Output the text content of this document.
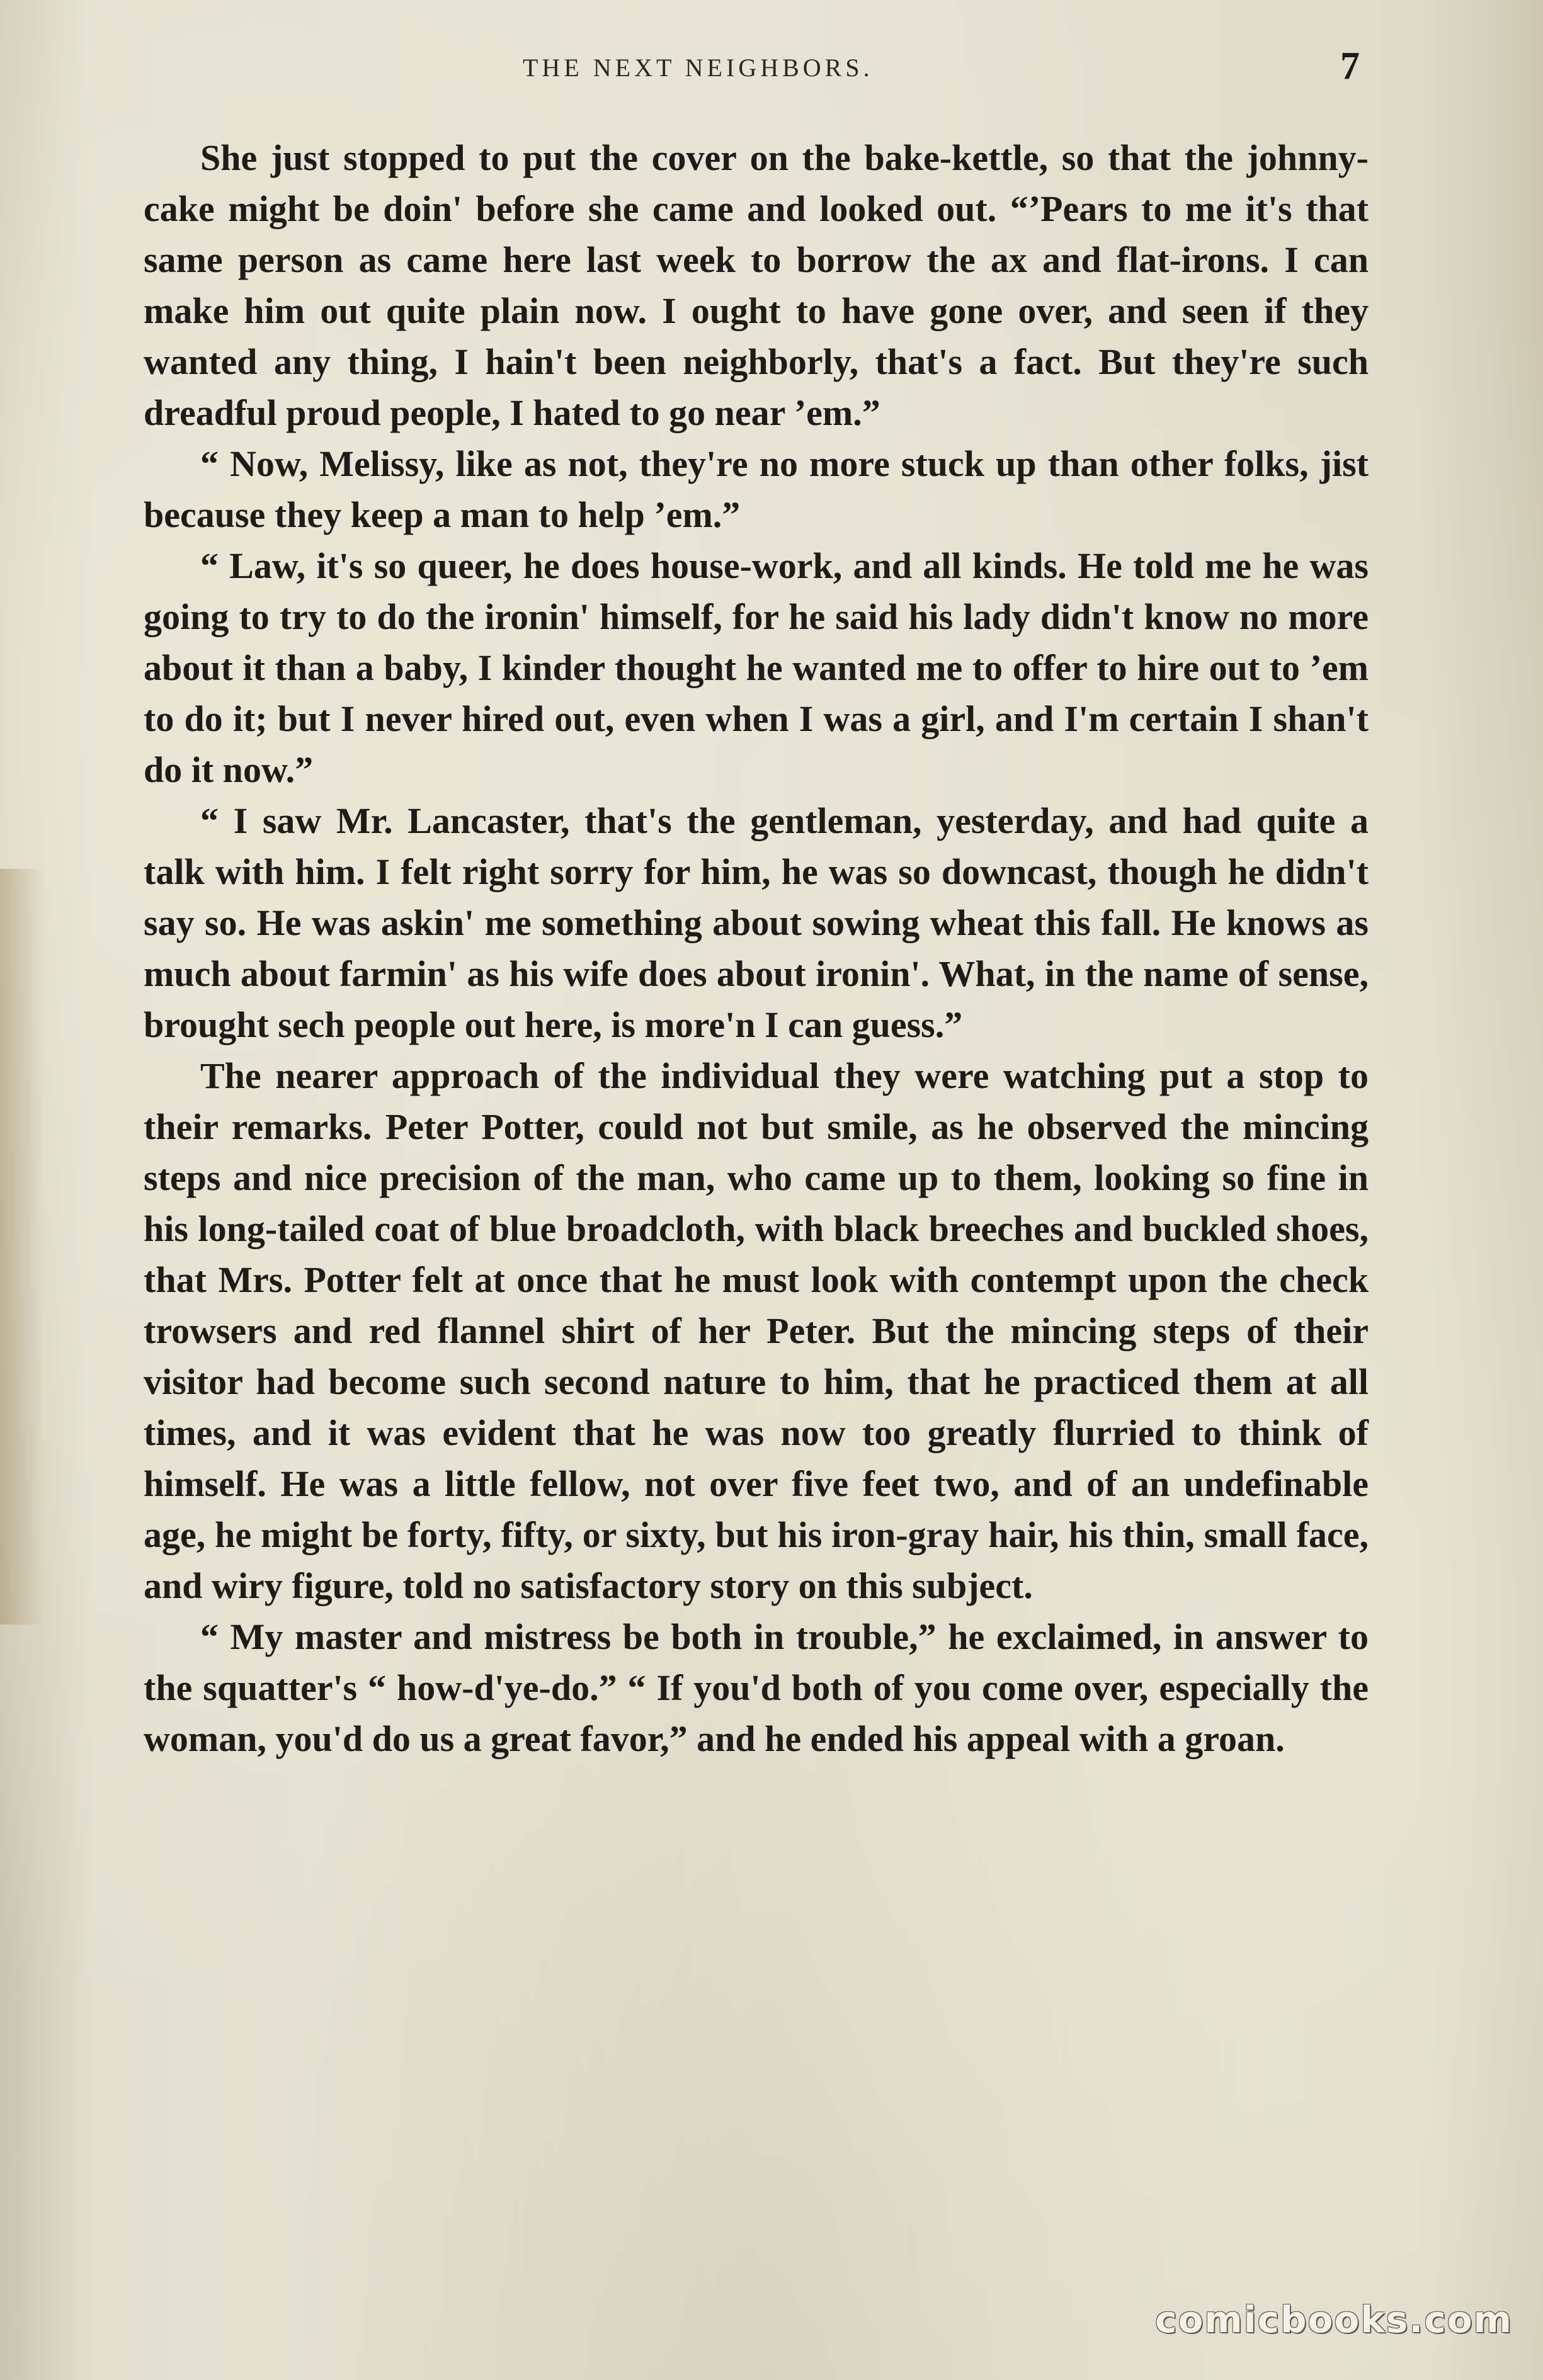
THE NEXT NEIGHBORS.	7

She just stopped to put the cover on the bake-kettle, so that the johnny-cake might be doin' before she came and looked out. “’Pears to me it's that same person as came here last week to borrow the ax and flat-irons. I can make him out quite plain now. I ought to have gone over, and seen if they wanted any thing, I hain't been neighborly, that's a fact. But they're such dreadful proud people, I hated to go near ’em.”

“ Now, Melissy, like as not, they're no more stuck up than other folks, jist because they keep a man to help ’em.”

“ Law, it's so queer, he does house-work, and all kinds. He told me he was going to try to do the ironin' himself, for he said his lady didn't know no more about it than a baby, I kinder thought he wanted me to offer to hire out to ’em to do it; but I never hired out, even when I was a girl, and I'm certain I shan't do it now.”

“ I saw Mr. Lancaster, that's the gentleman, yesterday, and had quite a talk with him. I felt right sorry for him, he was so downcast, though he didn't say so. He was askin' me something about sowing wheat this fall. He knows as much about farmin' as his wife does about ironin'. What, in the name of sense, brought sech people out here, is more'n I can guess.”

The nearer approach of the individual they were watching put a stop to their remarks. Peter Potter, could not but smile, as he observed the mincing steps and nice precision of the man, who came up to them, looking so fine in his long-tailed coat of blue broadcloth, with black breeches and buckled shoes, that Mrs. Potter felt at once that he must look with contempt upon the check trowsers and red flannel shirt of her Peter. But the mincing steps of their visitor had become such second nature to him, that he practiced them at all times, and it was evident that he was now too greatly flurried to think of himself. He was a little fellow, not over five feet two, and of an undefinable age, he might be forty, fifty, or sixty, but his iron-gray hair, his thin, small face, and wiry figure, told no satisfactory story on this subject.

“ My master and mistress be both in trouble,” he exclaimed, in answer to the squatter's “ how-d'ye-do.” “ If you'd both of you come over, especially the woman, you'd do us a great favor,” and he ended his appeal with a groan.

comicbooks.com
